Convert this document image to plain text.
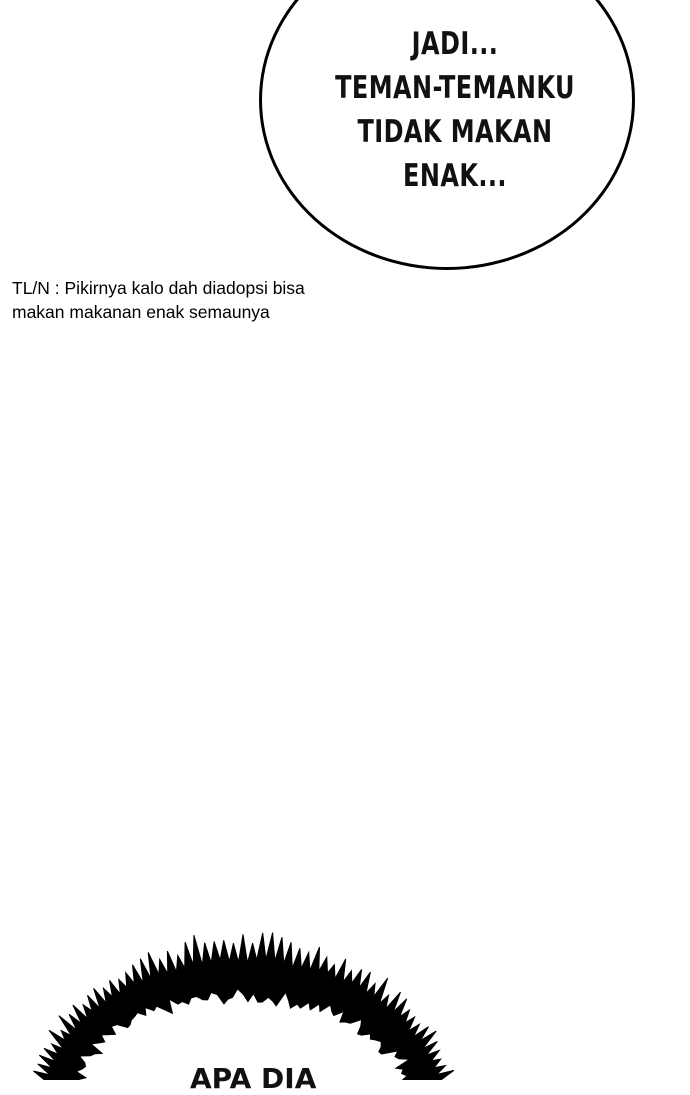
JADI...
TEMAN-TEMANKU
TIDAK MAKAN
ENAK...
TL/N : Pikirnya kalo dah diadopsi bisa
makan makanan enak semaunya
APA DIA
